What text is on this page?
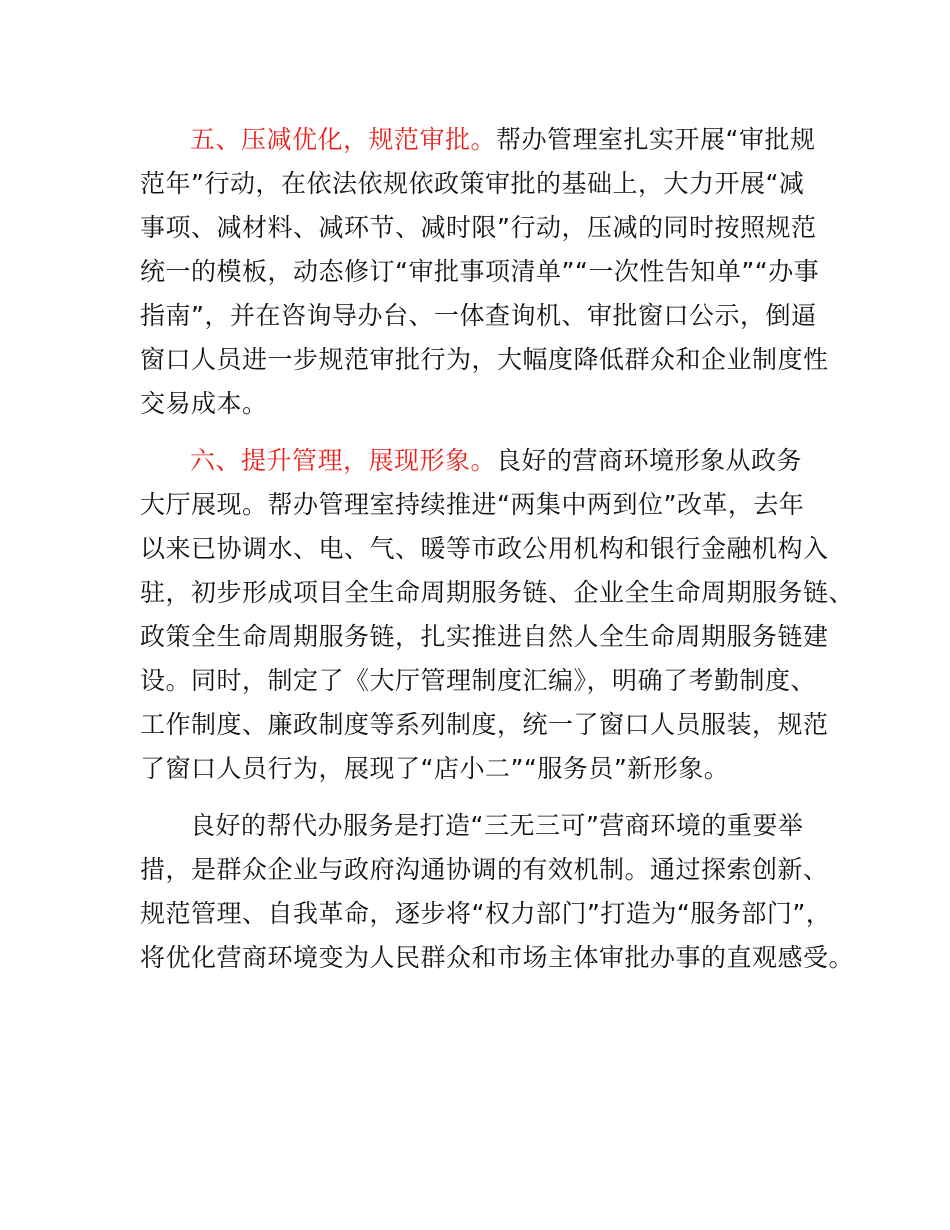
五、压减优化，规范审批。帮办管理室扎实开展“审批规
范年”行动，在依法依规依政策审批的基础上，大力开展“减
事项、减材料、减环节、减时限”行动，压减的同时按照规范
统一的模板，动态修订“审批事项清单”“一次性告知单”“办事
指南”，并在咨询导办台、一体查询机、审批窗口公示，倒逼
窗口人员进一步规范审批行为，大幅度降低群众和企业制度性
交易成本。
六、提升管理，展现形象。良好的营商环境形象从政务
大厅展现。帮办管理室持续推进“两集中两到位”改革，去年
以来已协调水、电、气、暖等市政公用机构和银行金融机构入
驻，初步形成项目全生命周期服务链、企业全生命周期服务链、
政策全生命周期服务链，扎实推进自然人全生命周期服务链建
设。同时，制定了《大厅管理制度汇编》，明确了考勤制度、
工作制度、廉政制度等系列制度，统一了窗口人员服装，规范
了窗口人员行为，展现了“店小二”“服务员”新形象。
良好的帮代办服务是打造“三无三可”营商环境的重要举
措，是群众企业与政府沟通协调的有效机制。通过探索创新、
规范管理、自我革命，逐步将“权力部门”打造为“服务部门”，
将优化营商环境变为人民群众和市场主体审批办事的直观感受。
